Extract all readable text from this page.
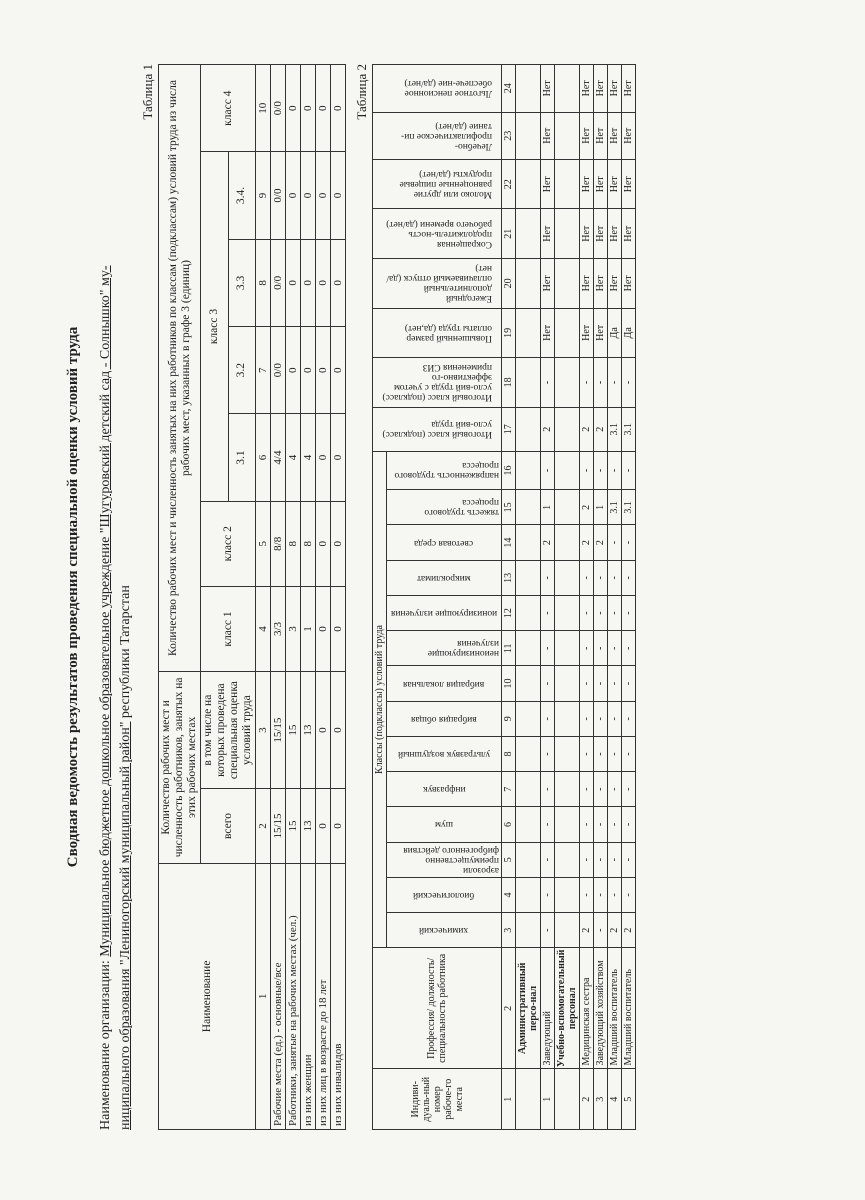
Сводная ведомость результатов проведения специальной оценки условий труда
Наименование организации: Муниципальное бюджетное дошкольное образовательное учреждение "Шугуровский детский сад - Солнышко" му- ниципального образования "Лениногорский муниципальный район" республики Татарстан
Таблица 1
Наименование	Количество рабочих мест и численность работников, занятых на этих рабочих местах		Количество рабочих мест и численность занятых на них работников по классам (подклассам) условий труда из числа рабочих мест, указанных в графе 3 (единиц)						
	всего	в том числе на которых проведена специальная оценка условий труда	класс 1	класс 2	класс 3				класс 4
					3.1	3.2	3.3	3.4.	
1	2	3	4	5	6	7	8	9	10
Рабочие места (ед.) - основные/все	15/15	15/15	3/3	8/8	4/4	0/0	0/0	0/0	0/0
Работники, занятые на рабочих местах (чел.)	15	15	3	8	4	0	0	0	0
из них женщин	13	13	1	8	4	0	0	0	0
из них лиц в возрасте до 18 лет	0	0	0	0	0	0	0	0	0
из них инвалидов	0	0	0	0	0	0	0	0	0 Таблица 2
Индиви-дуаль-ный номер рабоче-го места	Профессия/ должность/ специальность работника	Классы (подклассы) условий труда														Итоговый класс (подкласс) усло-вий труда	Итоговый класс (подкласс) усло-вий труда с учетом эффективно-го применения СИЗ	Повышенный размер оплаты труда (да,нет)	Ежегодный дополнительный оплачиваемый отпуск (да/нет)	Сокращенная продолжитель-ность рабочего времени (да/нет)	Молоко или другие равноценные пищевые продукты (да/нет)	Лечебно-профилактическое пи-тание (да/нет)	Льготное пенсионное обеспече-ние (да/нет)

		химический	биологический	аэрозоли преимущественно фиброгенного действия	шум	инфразвук	ультразвук воздушный	вибрация общая	вибрация локальная	неионизирующие излучения	ионизирующие излучения	микроклимат	световая среда	тяжесть трудового процесса	напряженность трудового процесса								

1	2	3	4	5	6	7	8	9	10	11	12	13	14	15	16	17	18	19	20	21	22	23	24
	Административный персо-нал																						
1	Заведующий	-	-	-	-	-	-	-	-	-	-	-	2	1	-	2	-	Нет	Нет	Нет	Нет	Нет	Нет
	Учебно-вспомогательный персонал																						
2	Медицинская сестра	2	-	-	-	-	-	-	-	-	-	-	2	2	-	2	-	Нет	Нет	Нет	Нет	Нет	Нет
3	Заведующий хозяйством	-	-	-	-	-	-	-	-	-	-	-	2	1	-	2	-	Нет	Нет	Нет	Нет	Нет	Нет
4	Младший воспитатель	2	-	-	-	-	-	-	-	-	-	-	-	3.1	-	3.1	-	Да	Нет	Нет	Нет	Нет	Нет
5	Младший воспитатель	2	-	-	-	-	-	-	-	-	-	-	-	3.1	-	3.1	-	Да	Нет	Нет	Нет	Нет	Нет
